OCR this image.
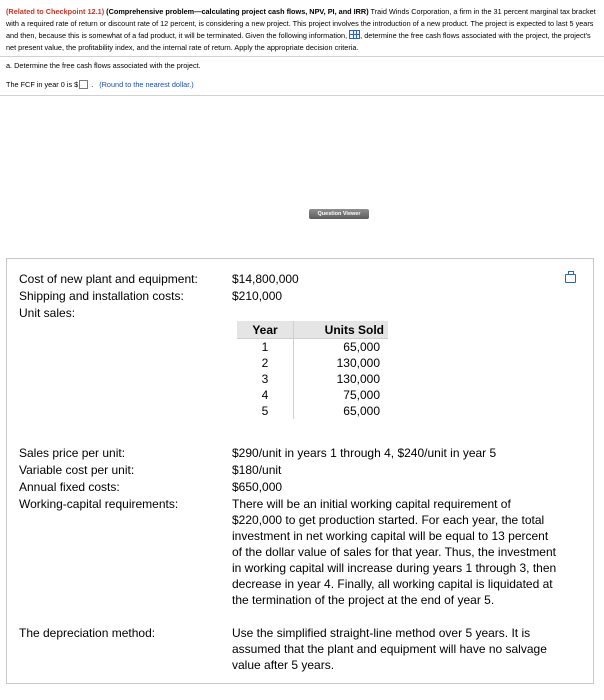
(Related to Checkpoint 12.1) (Comprehensive problem—calculating project cash flows, NPV, PI, and IRR) Traid Winds Corporation, a firm in the 31 percent marginal tax bracket with a required rate of return or discount rate of 12 percent, is considering a new project. This project involves the introduction of a new product. The project is expected to last 5 years and then, because this is somewhat of a fad product, it will be terminated. Given the following information, , determine the free cash flows associated with the project, the project's net present value, the profitability index, and the internal rate of return. Apply the appropriate decision criteria.

a. Determine the free cash flows associated with the project.
The FCF in year 0 is $ . (Round to the nearest dollar.)
Question Viewer
Cost of new plant and equipment:	$14,800,000
Shipping and installation costs:	$210,000
Unit sales:
Year	Units Sold
1	65,000
2	130,000
3	130,000
4	75,000
5	65,000
Sales price per unit:	$290/unit in years 1 through 4, $240/unit in year 5
Variable cost per unit:	$180/unit
Annual fixed costs:	$650,000
Working-capital requirements:	There will be an initial working capital requirement of $220,000 to get production started. For each year, the total investment in net working capital will be equal to 13 percent of the dollar value of sales for that year. Thus, the investment in working capital will increase during years 1 through 3, then decrease in year 4. Finally, all working capital is liquidated at the termination of the project at the end of year 5.
The depreciation method:	Use the simplified straight-line method over 5 years. It is assumed that the plant and equipment will have no salvage value after 5 years.
